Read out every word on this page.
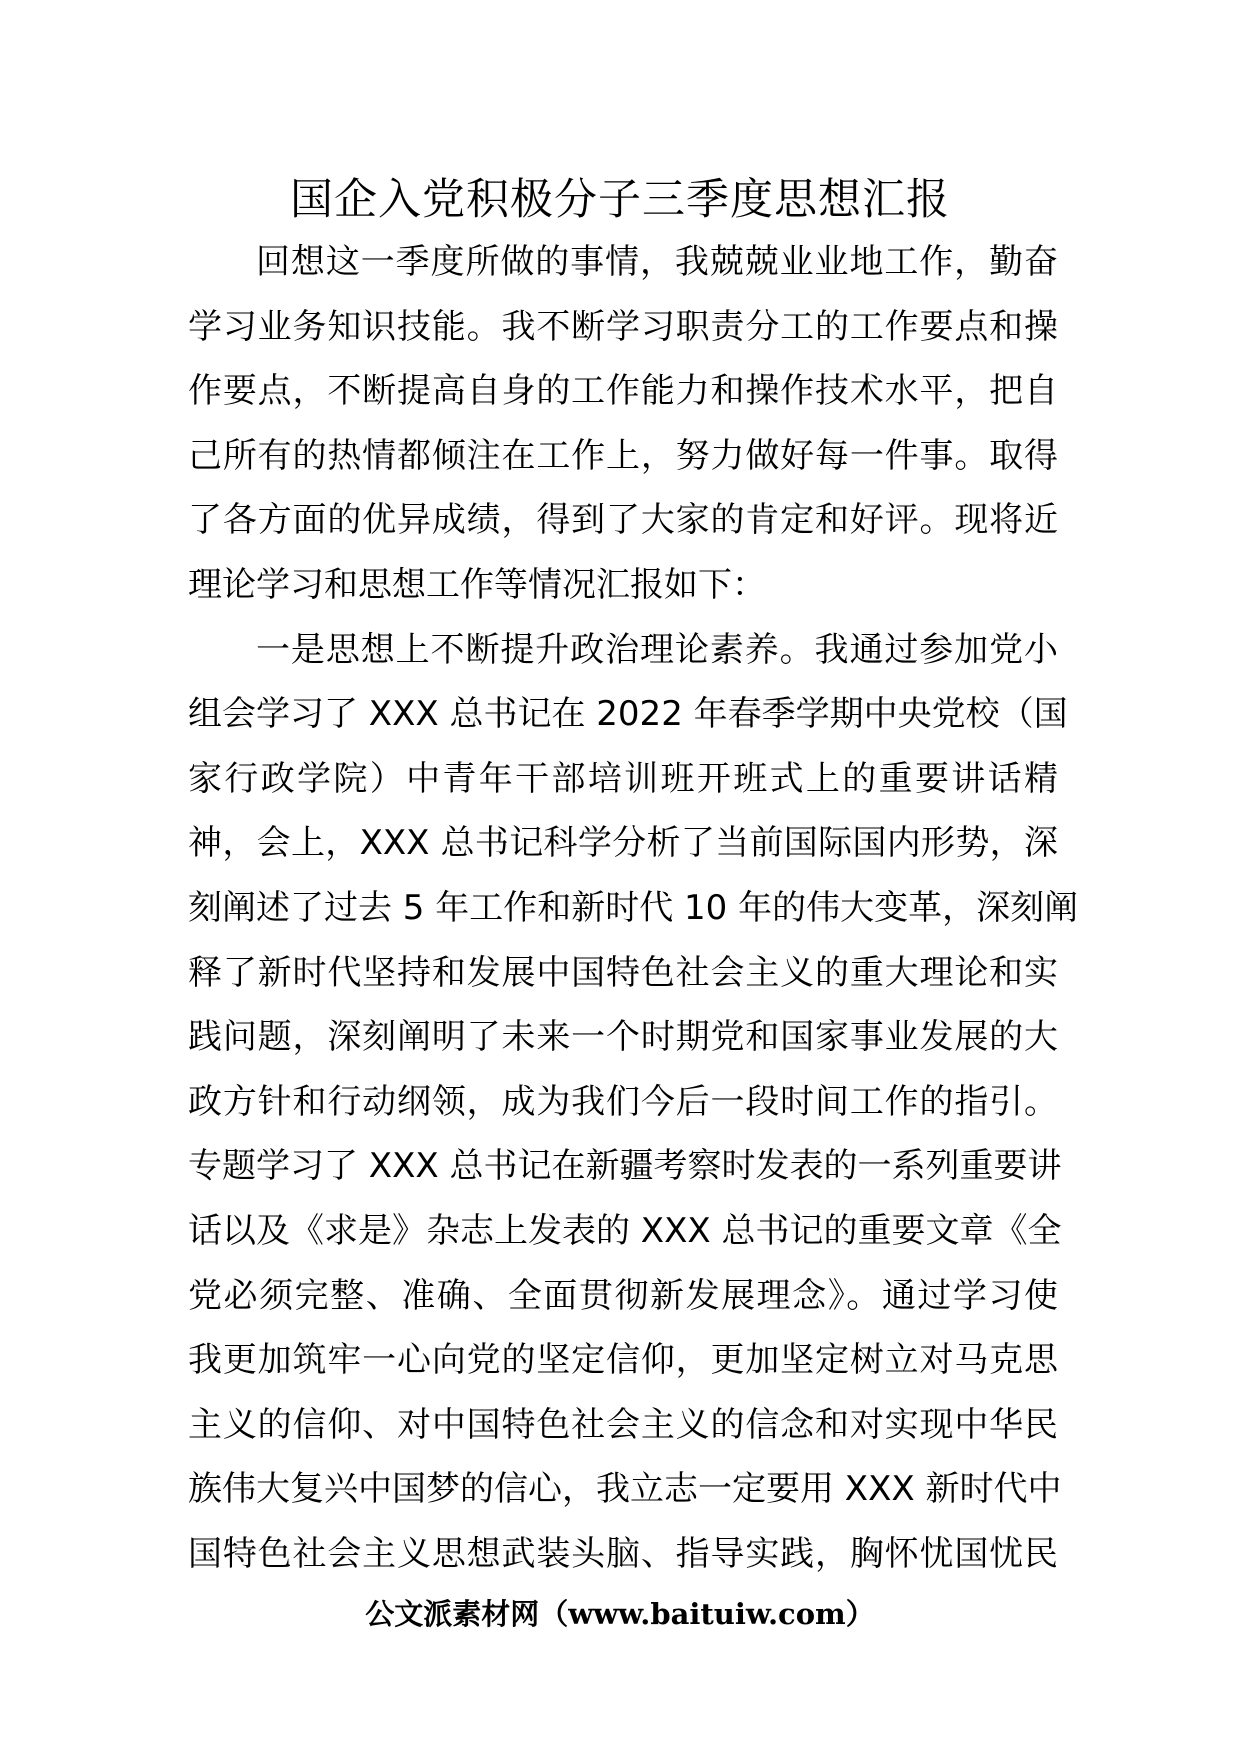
国企入党积极分子三季度思想汇报
回想这一季度所做的事情，我兢兢业业地工作，勤奋
学习业务知识技能。我不断学习职责分工的工作要点和操
作要点，不断提高自身的工作能力和操作技术水平，把自
己所有的热情都倾注在工作上，努力做好每一件事。取得
了各方面的优异成绩，得到了大家的肯定和好评。现将近
理论学习和思想工作等情况汇报如下：
一是思想上不断提升政治理论素养。我通过参加党小
组会学习了 XXX 总书记在 2022 年春季学期中央党校（国
家行政学院）中青年干部培训班开班式上的重要讲话精
神，会上，XXX 总书记科学分析了当前国际国内形势，深
刻阐述了过去 5 年工作和新时代 10 年的伟大变革，深刻阐
释了新时代坚持和发展中国特色社会主义的重大理论和实
践问题，深刻阐明了未来一个时期党和国家事业发展的大
政方针和行动纲领，成为我们今后一段时间工作的指引。
专题学习了 XXX 总书记在新疆考察时发表的一系列重要讲
话以及《求是》杂志上发表的 XXX 总书记的重要文章《全
党必须完整、准确、全面贯彻新发展理念》。通过学习使
我更加筑牢一心向党的坚定信仰，更加坚定树立对马克思
主义的信仰、对中国特色社会主义的信念和对实现中华民
族伟大复兴中国梦的信心，我立志一定要用 XXX 新时代中
国特色社会主义思想武装头脑、指导实践，胸怀忧国忧民
公文派素材网（www.baituiw.com）
